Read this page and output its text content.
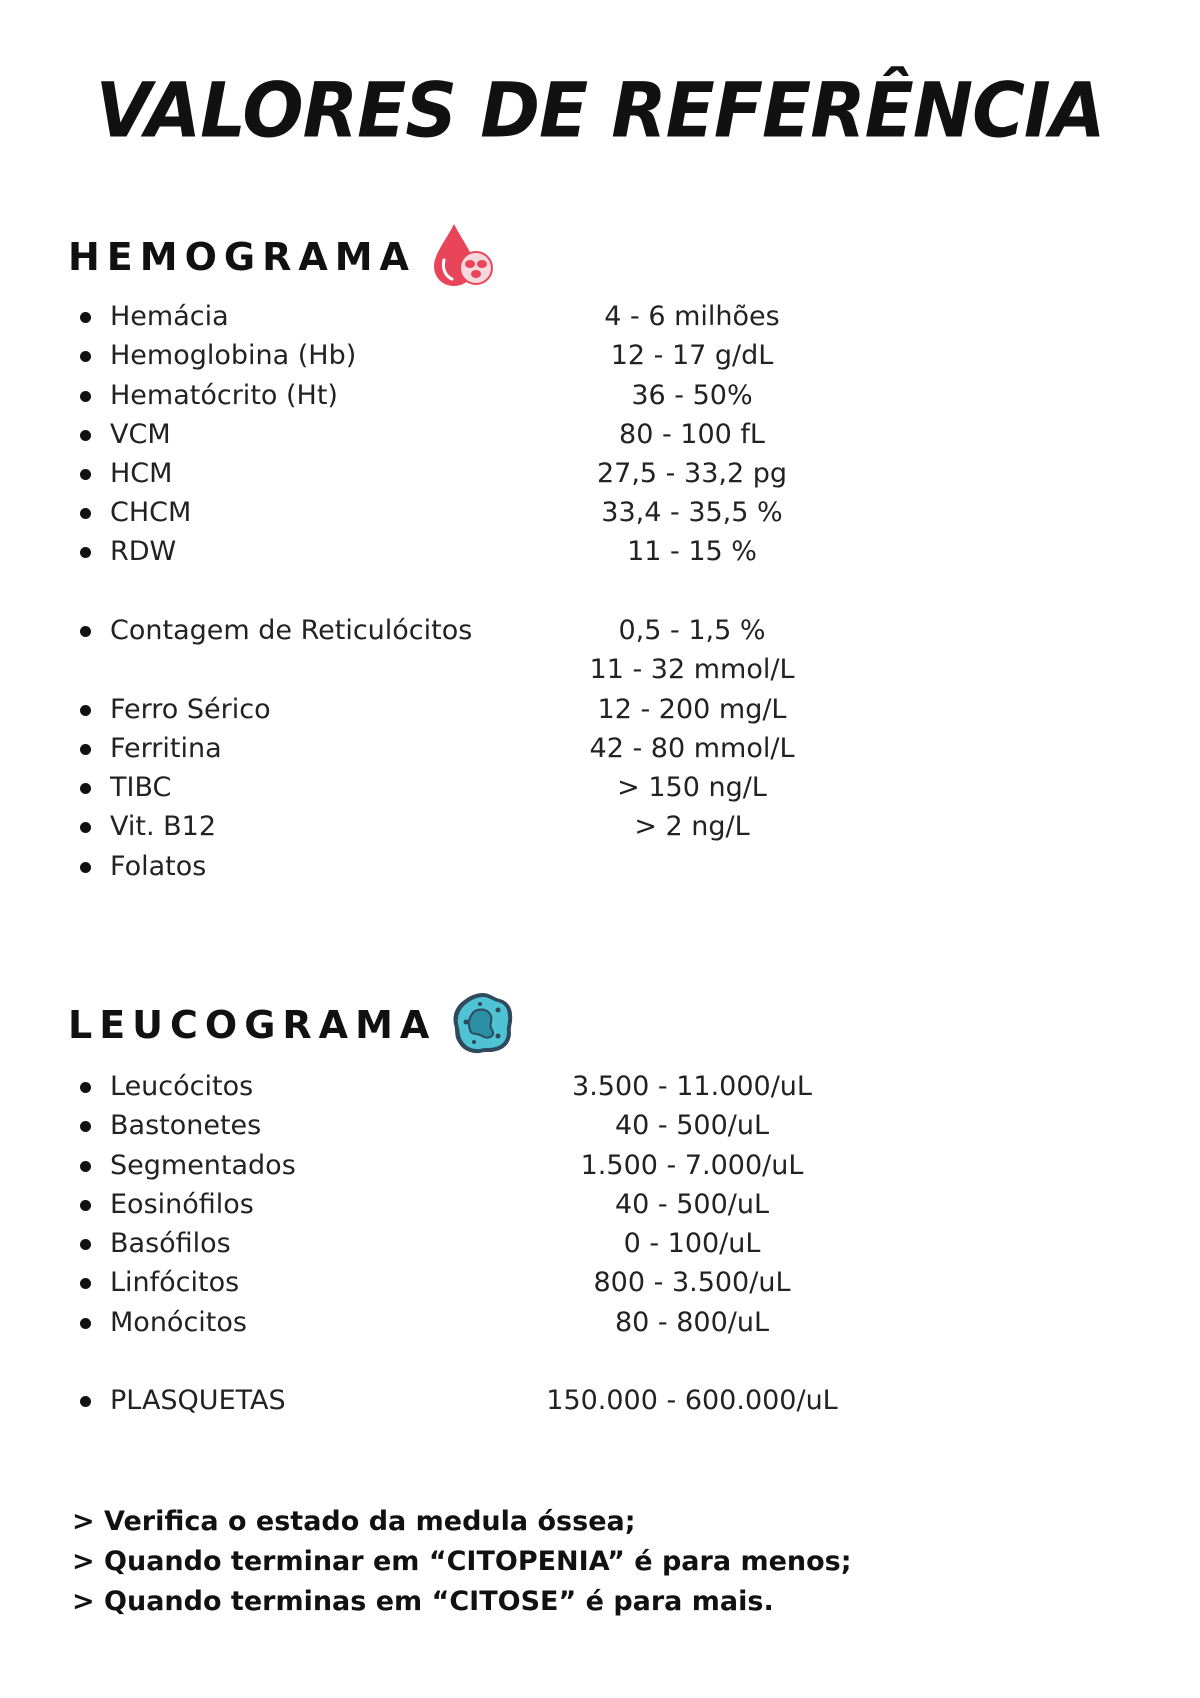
VALORES DE REFERÊNCIA
HEMOGRAMA
Hemácia	4 - 6 milhões
Hemoglobina (Hb)	12 - 17 g/dL
Hematócrito (Ht)	36 - 50%
VCM	80 - 100 fL
HCM	27,5 - 33,2 pg
CHCM	33,4 - 35,5 %
RDW	11 - 15 %
Contagem de Reticulócitos	0,5 - 1,5 %
11 - 32 mmol/L
Ferro Sérico	12 - 200 mg/L
Ferritina	42 - 80 mmol/L
TIBC	> 150 ng/L
Vit. B12	> 2 ng/L
Folatos
LEUCOGRAMA
Leucócitos	3.500 - 11.000/uL
Bastonetes	40 - 500/uL
Segmentados	1.500 - 7.000/uL
Eosinófilos	40 - 500/uL
Basófilos	0 - 100/uL
Linfócitos	800 - 3.500/uL
Monócitos	80 - 800/uL
PLASQUETAS	150.000 - 600.000/uL
> Verifica o estado da medula óssea;
> Quando terminar em “CITOPENIA” é para menos;
> Quando terminas em “CITOSE” é para mais.
